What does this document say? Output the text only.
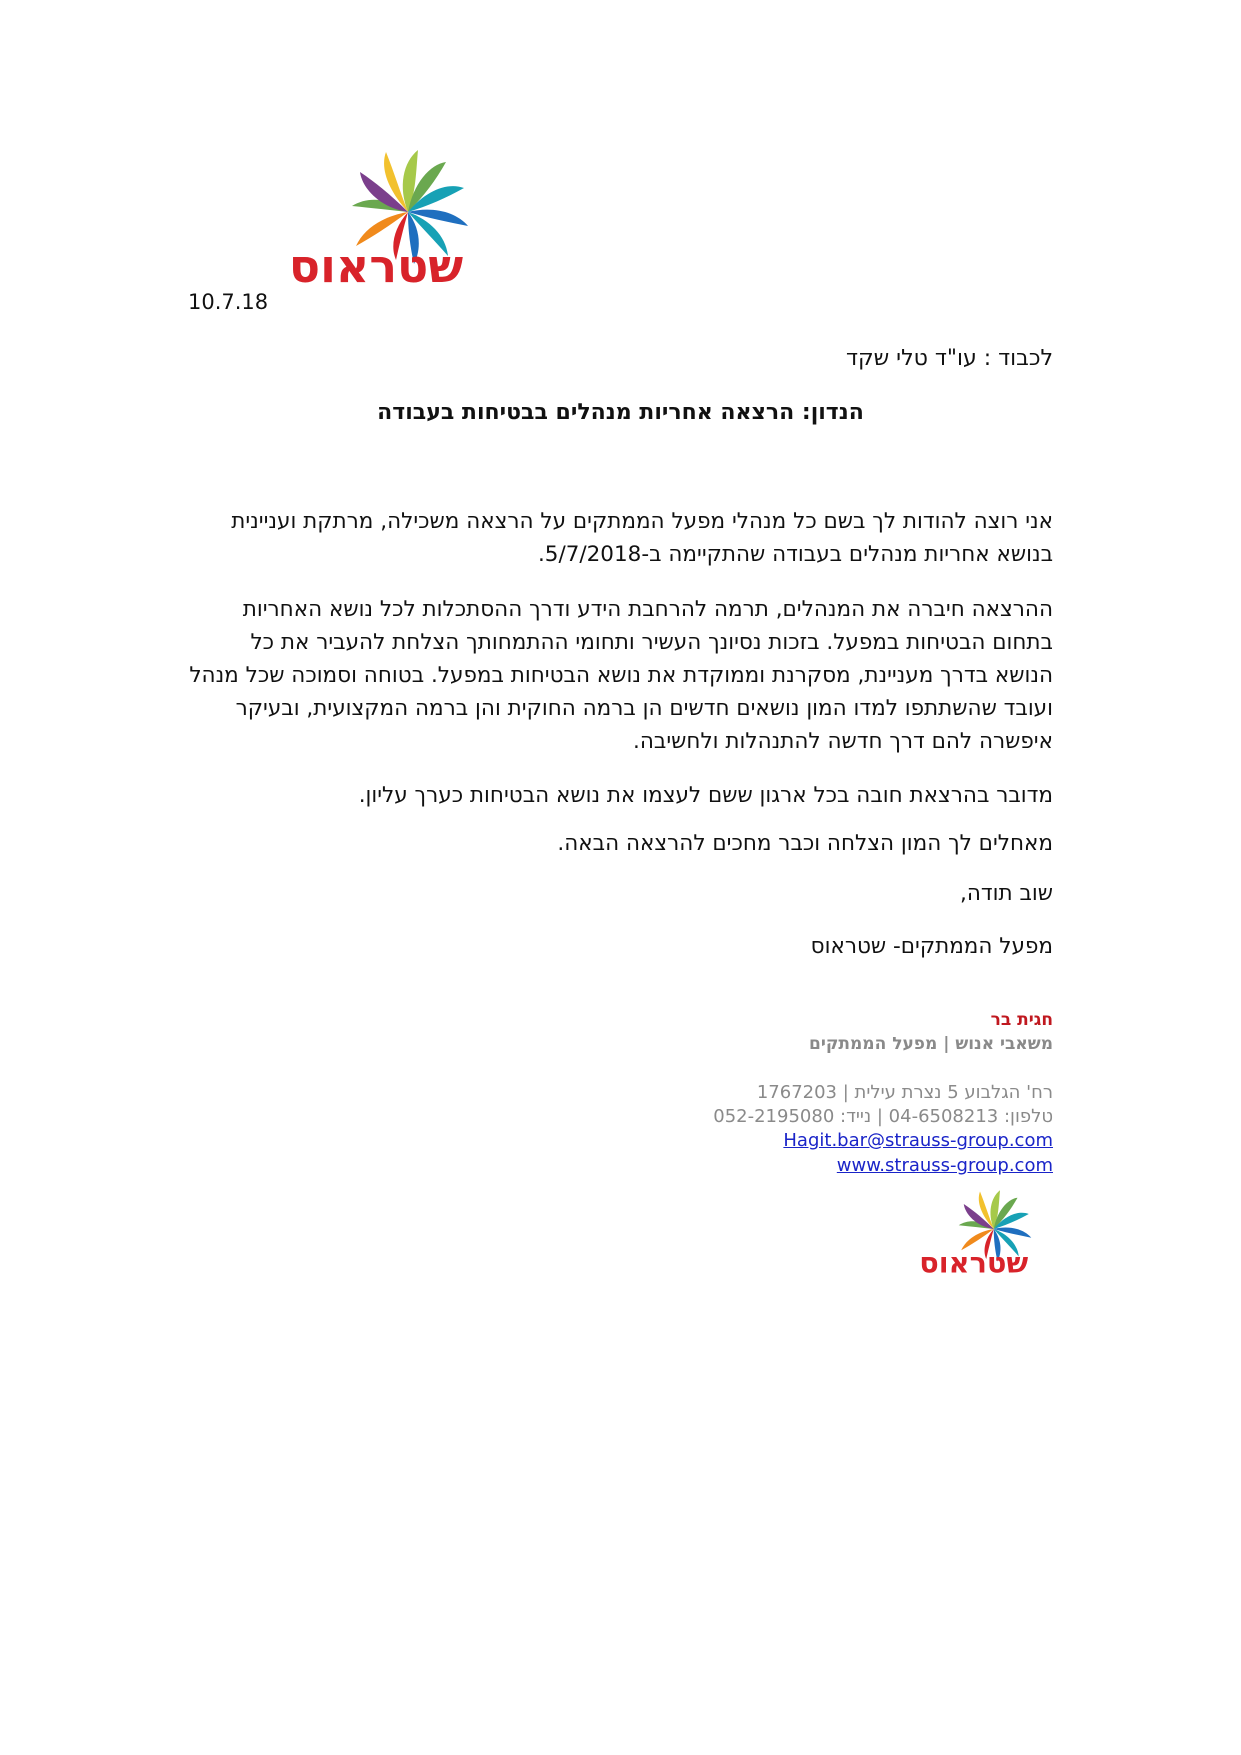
שטראוס
10.7.18
לכבוד : עו"ד טלי שקד
הנדון: הרצאה אחריות מנהלים בבטיחות בעבודה

אני רוצה להודות לך בשם כל מנהלי מפעל הממתקים על הרצאה משכילה, מרתקת ועניינית בנושא אחריות מנהלים בעבודה שהתקיימה ב-5/7/2018.

ההרצאה חיברה את המנהלים, תרמה להרחבת הידע ודרך ההסתכלות לכל נושא האחריות בתחום הבטיחות במפעל. בזכות נסיונך העשיר ותחומי ההתמחותך הצלחת להעביר את כל הנושא בדרך מעניינת, מסקרנת וממוקדת את נושא הבטיחות במפעל. בטוחה וסמוכה שכל מנהל ועובד שהשתתפו למדו המון נושאים חדשים הן ברמה החוקית והן ברמה המקצועית, ובעיקר איפשרה להם דרך חדשה להתנהלות ולחשיבה.

מדובר בהרצאת חובה בכל ארגון ששם לעצמו את נושא הבטיחות כערך עליון.

מאחלים לך המון הצלחה וכבר מחכים להרצאה הבאה.

שוב תודה,

מפעל הממתקים- שטראוס

חגית בר
משאבי אנוש | מפעל הממתקים
רח' הגלבוע 5 נצרת עילית | 1767203
טלפון: 04-6508213 | נייד: 052-2195080
Hagit.bar@strauss-group.com
www.strauss-group.com
שטראוס
